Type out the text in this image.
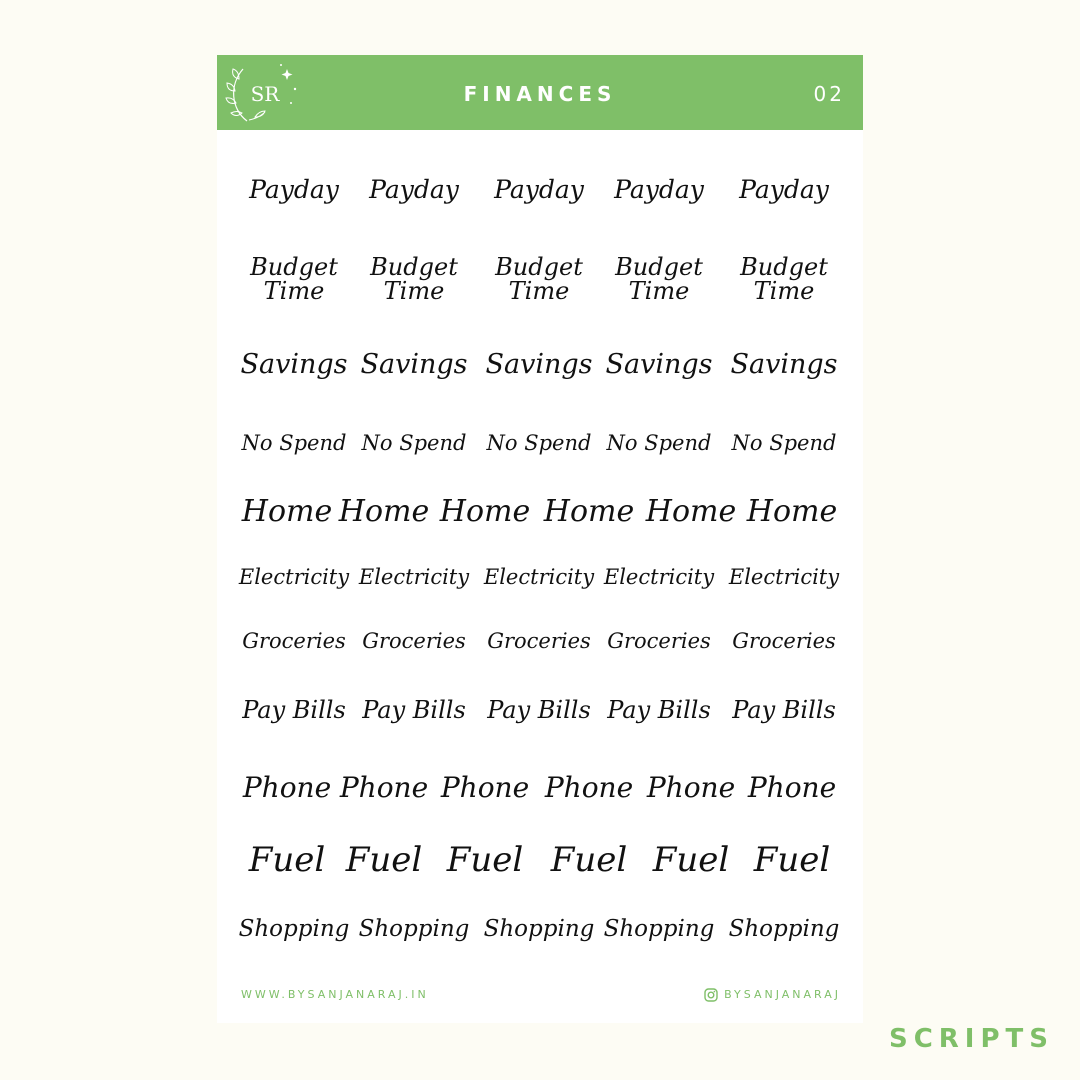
SR	FINANCES	02
Payday Payday Payday Payday Payday
Budget
Time
Budget
Time
Budget
Time
Budget
Time
Budget
Time
Savings Savings Savings Savings Savings
No Spend No Spend No Spend No Spend No Spend
Home Home Home Home Home Home
Electricity Electricity Electricity Electricity Electricity
Groceries Groceries Groceries Groceries Groceries
Pay Bills Pay Bills Pay Bills Pay Bills Pay Bills
Phone Phone Phone Phone Phone Phone
Fuel Fuel Fuel Fuel Fuel Fuel
Shopping Shopping Shopping Shopping Shopping
WWW.BYSANJANARAJ.IN	BYSANJANARAJ
SCRIPTS
